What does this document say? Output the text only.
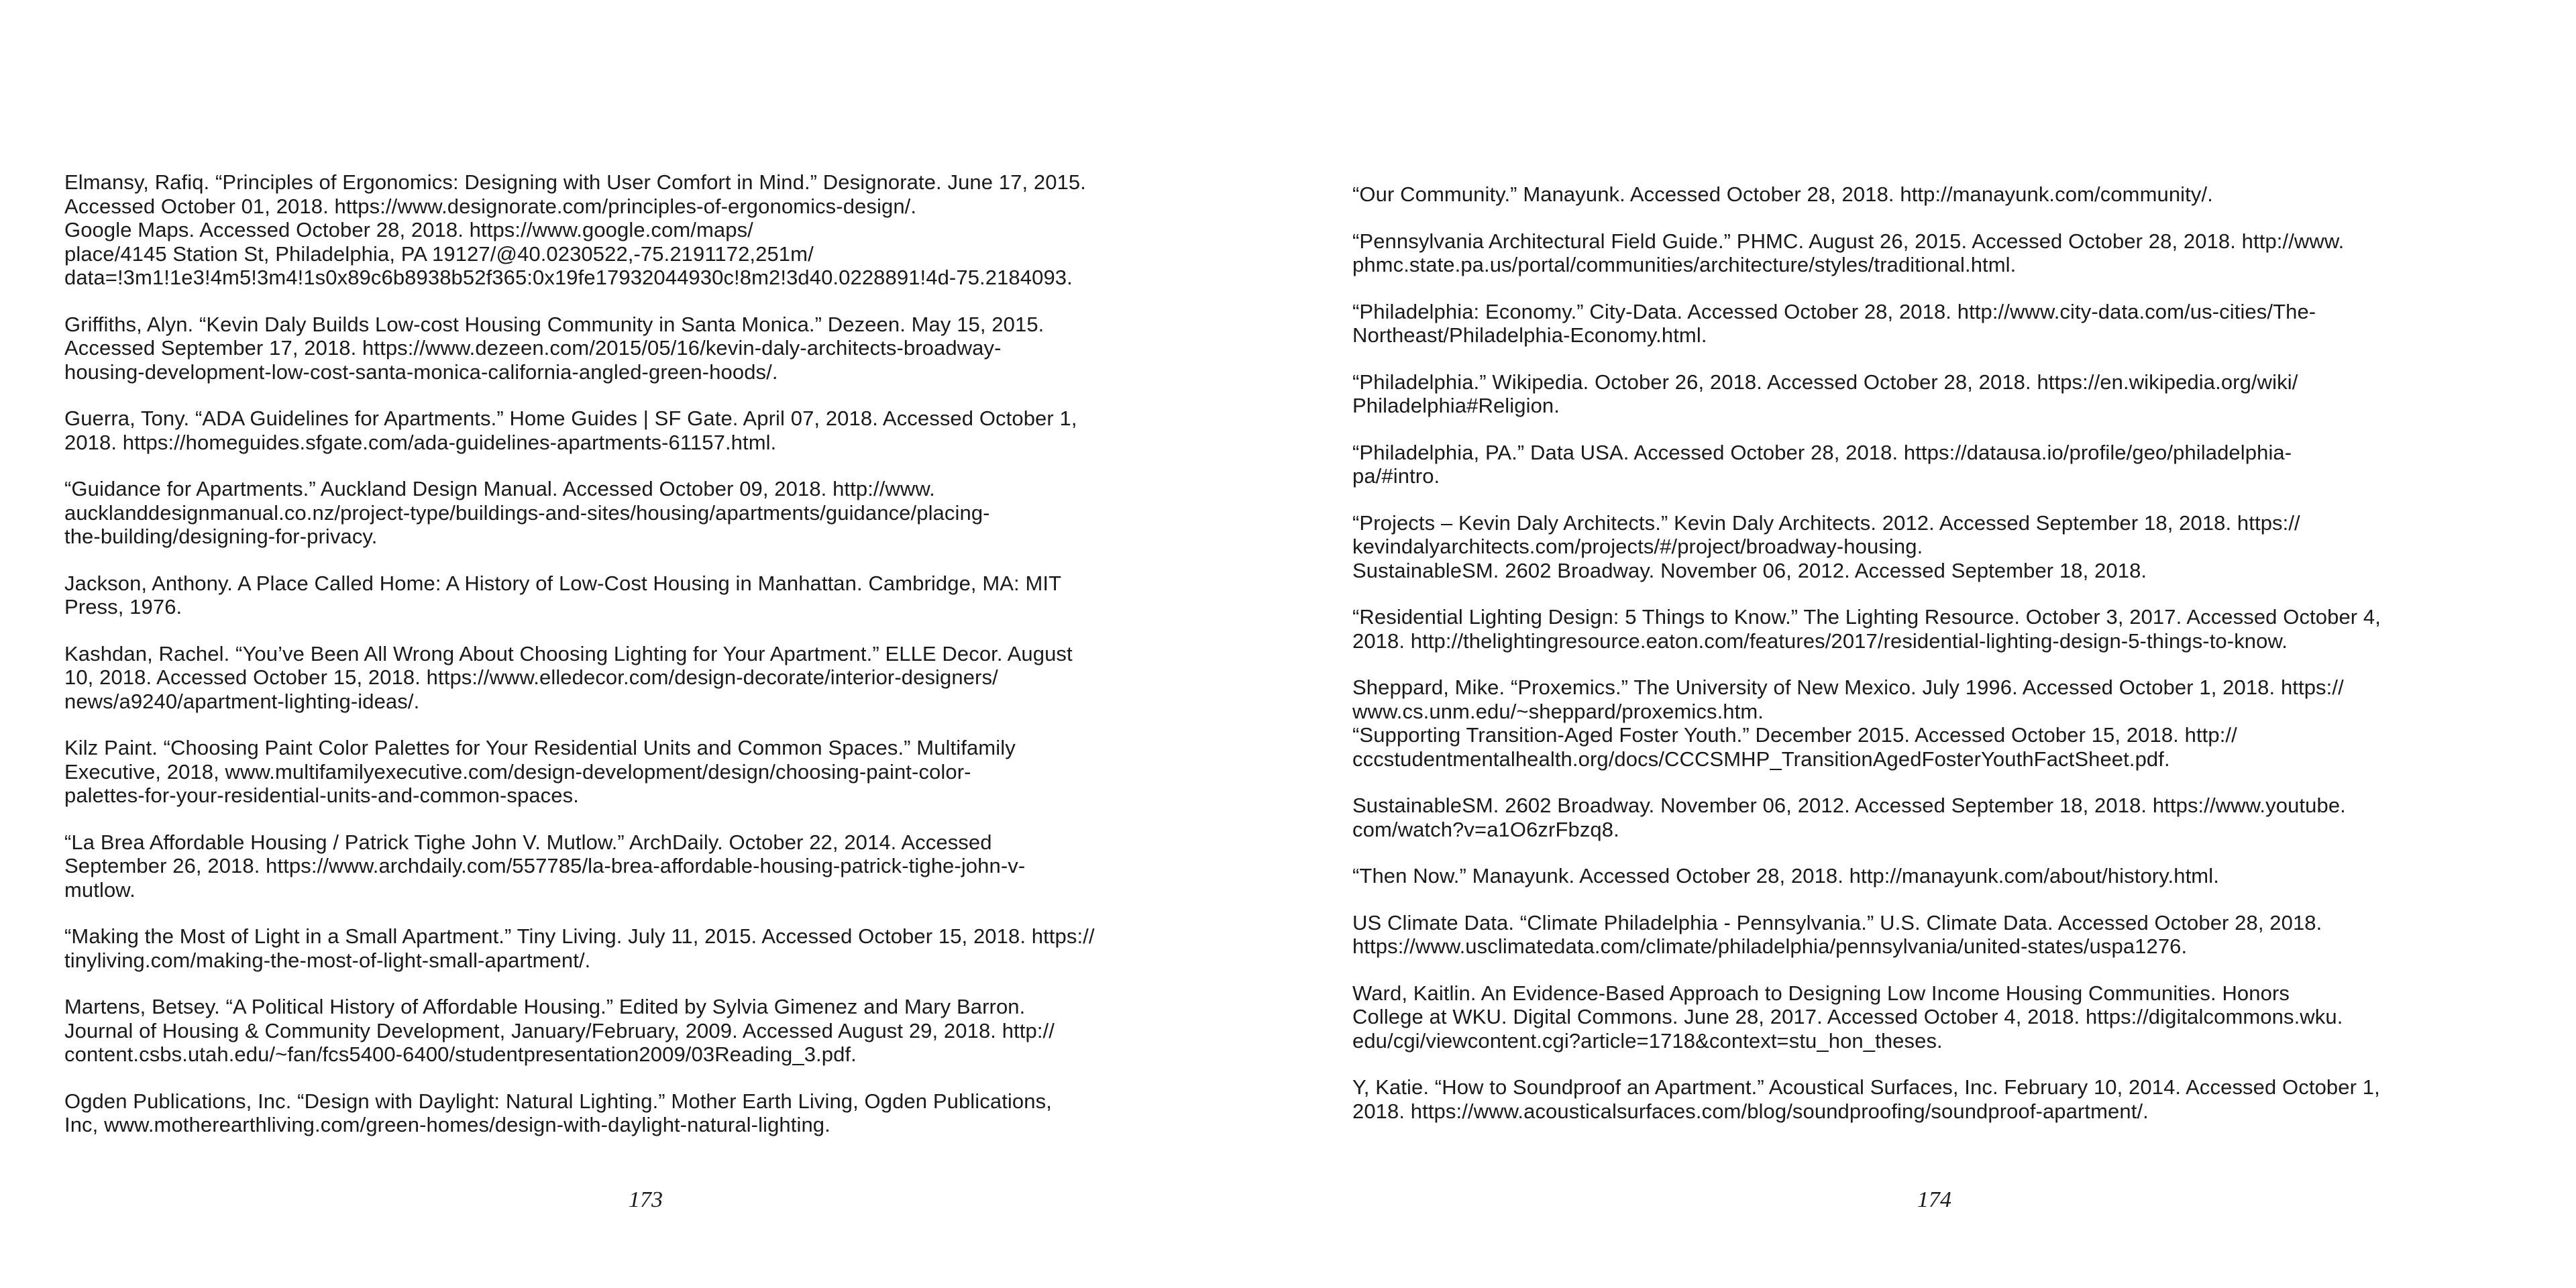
Elmansy, Rafiq. “Principles of Ergonomics: Designing with User Comfort in Mind.” Designorate. June 17, 2015.
Accessed October 01, 2018. https://www.designorate.com/principles-of-ergonomics-design/.
Google Maps. Accessed October 28, 2018. https://www.google.com/maps/
place/4145 Station St, Philadelphia, PA 19127/@40.0230522,-75.2191172,251m/
data=!3m1!1e3!4m5!3m4!1s0x89c6b8938b52f365:0x19fe17932044930c!8m2!3d40.0228891!4d-75.2184093.
Griffiths, Alyn. “Kevin Daly Builds Low-cost Housing Community in Santa Monica.” Dezeen. May 15, 2015.
Accessed September 17, 2018. https://www.dezeen.com/2015/05/16/kevin-daly-architects-broadway-
housing-development-low-cost-santa-monica-california-angled-green-hoods/.
Guerra, Tony. “ADA Guidelines for Apartments.” Home Guides | SF Gate. April 07, 2018. Accessed October 1,
2018. https://homeguides.sfgate.com/ada-guidelines-apartments-61157.html.
“Guidance for Apartments.” Auckland Design Manual. Accessed October 09, 2018. http://www.
aucklanddesignmanual.co.nz/project-type/buildings-and-sites/housing/apartments/guidance/placing-
the-building/designing-for-privacy.
Jackson, Anthony. A Place Called Home: A History of Low-Cost Housing in Manhattan. Cambridge, MA: MIT
Press, 1976.
Kashdan, Rachel. “You’ve Been All Wrong About Choosing Lighting for Your Apartment.” ELLE Decor. August
10, 2018. Accessed October 15, 2018. https://www.elledecor.com/design-decorate/interior-designers/
news/a9240/apartment-lighting-ideas/.
Kilz Paint. “Choosing Paint Color Palettes for Your Residential Units and Common Spaces.” Multifamily
Executive, 2018, www.multifamilyexecutive.com/design-development/design/choosing-paint-color-
palettes-for-your-residential-units-and-common-spaces.
“La Brea Affordable Housing / Patrick Tighe John V. Mutlow.” ArchDaily. October 22, 2014. Accessed
September 26, 2018. https://www.archdaily.com/557785/la-brea-affordable-housing-patrick-tighe-john-v-
mutlow.
“Making the Most of Light in a Small Apartment.” Tiny Living. July 11, 2015. Accessed October 15, 2018. https://
tinyliving.com/making-the-most-of-light-small-apartment/.
Martens, Betsey. “A Political History of Affordable Housing.” Edited by Sylvia Gimenez and Mary Barron.
Journal of Housing & Community Development, January/February, 2009. Accessed August 29, 2018. http://
content.csbs.utah.edu/~fan/fcs5400-6400/studentpresentation2009/03Reading_3.pdf.
Ogden Publications, Inc. “Design with Daylight: Natural Lighting.” Mother Earth Living, Ogden Publications,
Inc, www.motherearthliving.com/green-homes/design-with-daylight-natural-lighting.
173
“Our Community.” Manayunk. Accessed October 28, 2018. http://manayunk.com/community/.
“Pennsylvania Architectural Field Guide.” PHMC. August 26, 2015. Accessed October 28, 2018. http://www.
phmc.state.pa.us/portal/communities/architecture/styles/traditional.html.
“Philadelphia: Economy.” City-Data. Accessed October 28, 2018. http://www.city-data.com/us-cities/The-
Northeast/Philadelphia-Economy.html.
“Philadelphia.” Wikipedia. October 26, 2018. Accessed October 28, 2018. https://en.wikipedia.org/wiki/
Philadelphia#Religion.
“Philadelphia, PA.” Data USA. Accessed October 28, 2018. https://datausa.io/profile/geo/philadelphia-
pa/#intro.
“Projects – Kevin Daly Architects.” Kevin Daly Architects. 2012. Accessed September 18, 2018. https://
kevindalyarchitects.com/projects/#/project/broadway-housing.
SustainableSM. 2602 Broadway. November 06, 2012. Accessed September 18, 2018.
“Residential Lighting Design: 5 Things to Know.” The Lighting Resource. October 3, 2017. Accessed October 4,
2018. http://thelightingresource.eaton.com/features/2017/residential-lighting-design-5-things-to-know.
Sheppard, Mike. “Proxemics.” The University of New Mexico. July 1996. Accessed October 1, 2018. https://
www.cs.unm.edu/~sheppard/proxemics.htm.
“Supporting Transition-Aged Foster Youth.” December 2015. Accessed October 15, 2018. http://
cccstudentmentalhealth.org/docs/CCCSMHP_TransitionAgedFosterYouthFactSheet.pdf.
SustainableSM. 2602 Broadway. November 06, 2012. Accessed September 18, 2018. https://www.youtube.
com/watch?v=a1O6zrFbzq8.
“Then Now.” Manayunk. Accessed October 28, 2018. http://manayunk.com/about/history.html.
US Climate Data. “Climate Philadelphia - Pennsylvania.” U.S. Climate Data. Accessed October 28, 2018.
https://www.usclimatedata.com/climate/philadelphia/pennsylvania/united-states/uspa1276.
Ward, Kaitlin. An Evidence-Based Approach to Designing Low Income Housing Communities. Honors
College at WKU. Digital Commons. June 28, 2017. Accessed October 4, 2018. https://digitalcommons.wku.
edu/cgi/viewcontent.cgi?article=1718&context=stu_hon_theses.
Y, Katie. “How to Soundproof an Apartment.” Acoustical Surfaces, Inc. February 10, 2014. Accessed October 1,
2018. https://www.acousticalsurfaces.com/blog/soundproofing/soundproof-apartment/.
174
